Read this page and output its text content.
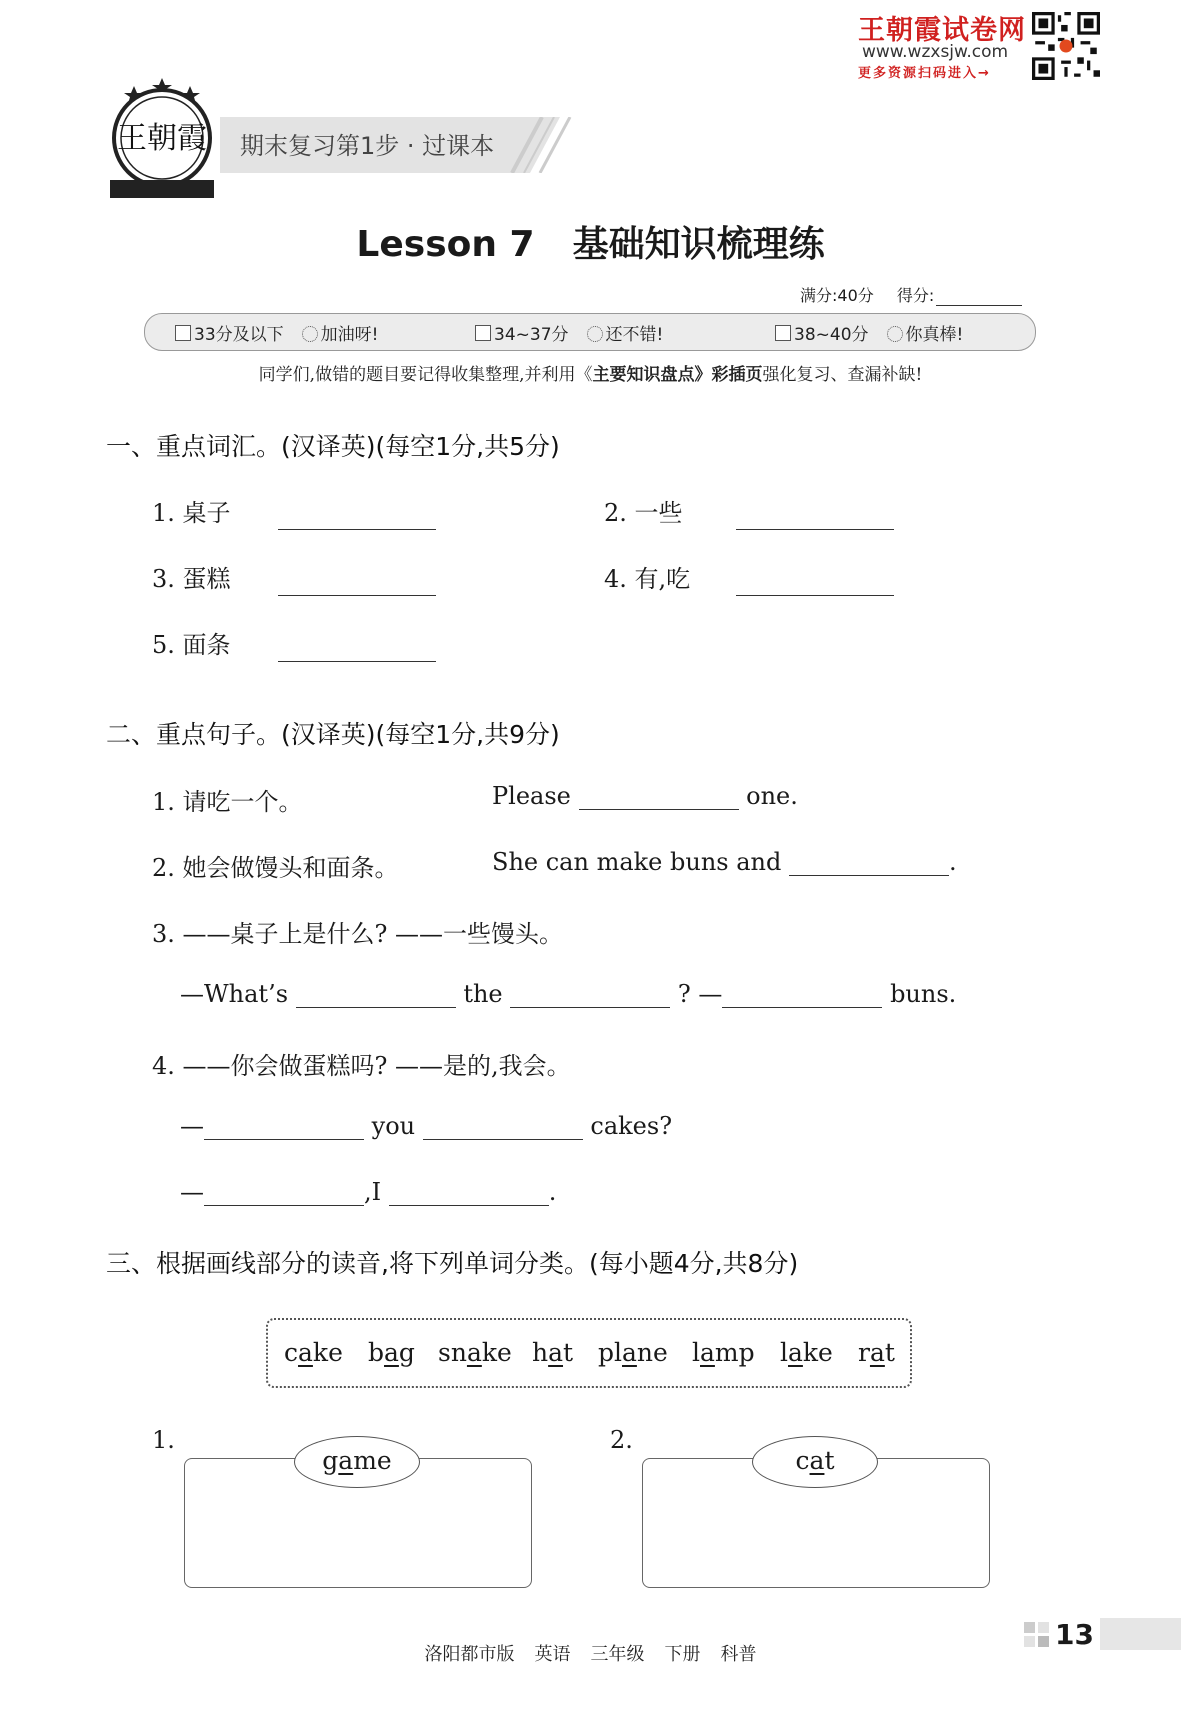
王朝霞试卷网
www.wzxsjw.com
更多资源扫码进入→
王朝霞 期末复习第1步 · 过课本
Lesson 7 基础知识梳理练
满分:40分 得分:
33分及以下 加油呀!	34~37分 还不错!	38~40分 你真棒!
同学们,做错的题目要记得收集整理,并利用《主要知识盘点》彩插页强化复习、查漏补缺!
一、重点词汇。(汉译英)(每空1分,共5分)
1. 桌子	2. 一些
3. 蛋糕	4. 有,吃
5. 面条
二、重点句子。(汉译英)(每空1分,共9分)
1. 请吃一个。	Please	one.
2. 她会做馒头和面条。	She can make buns and	.
3. ——桌子上是什么? ——一些馒头。
—What’s	the	? —	buns.
4. ——你会做蛋糕吗? ——是的,我会。
—	you	cakes?
—	,I	.
三、根据画线部分的读音,将下列单词分类。(每小题4分,共8分)
cake bag snake hat plane lamp lake rat
1.
game
2.
cat
洛阳都市版 英语 三年级 下册 科普
13
